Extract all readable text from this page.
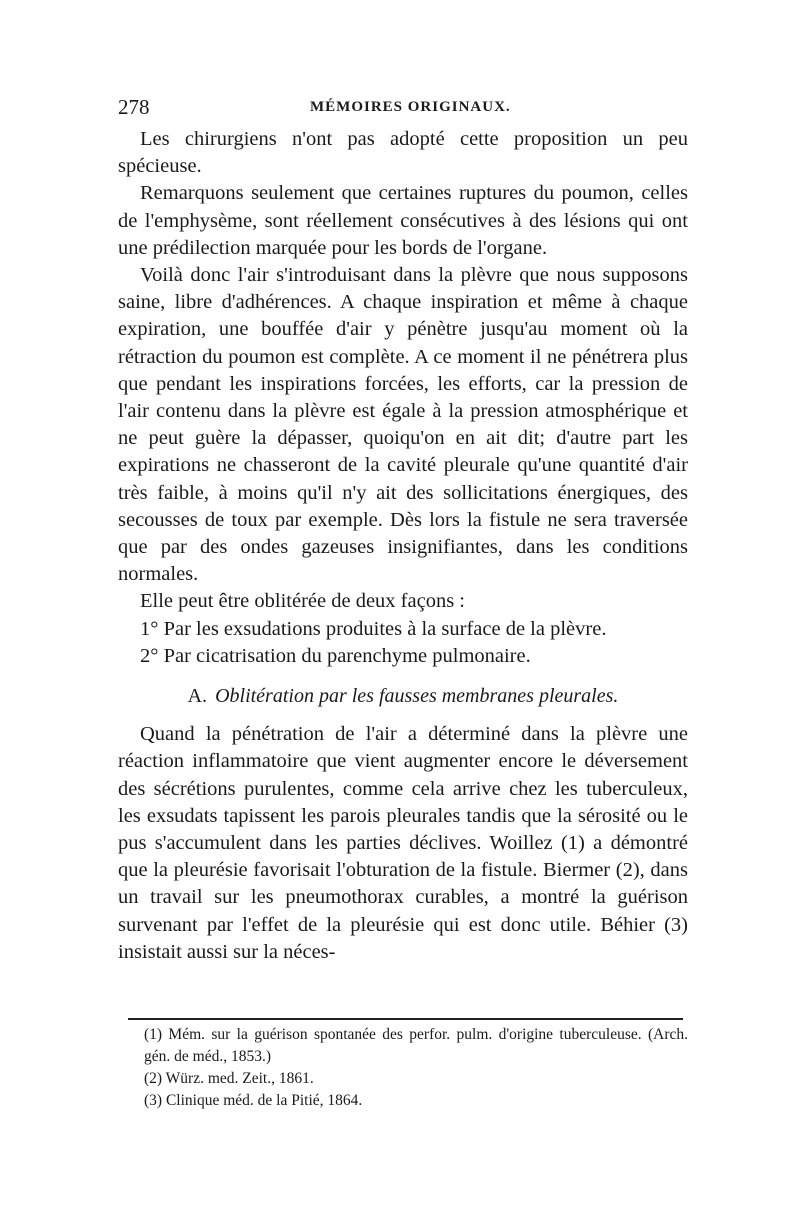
278	MÉMOIRES ORIGINAUX.

Les chirurgiens n'ont pas adopté cette proposition un peu spécieuse.

Remarquons seulement que certaines ruptures du poumon, celles de l'emphysème, sont réellement consécutives à des lésions qui ont une prédilection marquée pour les bords de l'organe.

Voilà donc l'air s'introduisant dans la plèvre que nous supposons saine, libre d'adhérences. A chaque inspiration et même à chaque expiration, une bouffée d'air y pénètre jusqu'au moment où la rétraction du poumon est complète. A ce moment il ne pénétrera plus que pendant les inspirations forcées, les efforts, car la pression de l'air contenu dans la plèvre est égale à la pression atmosphérique et ne peut guère la dépasser, quoiqu'on en ait dit; d'autre part les expirations ne chasseront de la cavité pleurale qu'une quantité d'air très faible, à moins qu'il n'y ait des sollicitations énergiques, des secousses de toux par exemple. Dès lors la fistule ne sera traversée que par des ondes gazeuses insignifiantes, dans les conditions normales.

Elle peut être oblitérée de deux façons :

1° Par les exsudations produites à la surface de la plèvre.

2° Par cicatrisation du parenchyme pulmonaire.

A. Oblitération par les fausses membranes pleurales.

Quand la pénétration de l'air a déterminé dans la plèvre une réaction inflammatoire que vient augmenter encore le déversement des sécrétions purulentes, comme cela arrive chez les tuberculeux, les exsudats tapissent les parois pleurales tandis que la sérosité ou le pus s'accumulent dans les parties déclives. Woillez (1) a démontré que la pleurésie favorisait l'obturation de la fistule. Biermer (2), dans un travail sur les pneumothorax curables, a montré la guérison survenant par l'effet de la pleurésie qui est donc utile. Béhier (3) insistait aussi sur la néces-

(1) Mém. sur la guérison spontanée des perfor. pulm. d'origine tuberculeuse. (Arch. gén. de méd., 1853.)

(2) Würz. med. Zeit., 1861.

(3) Clinique méd. de la Pitié, 1864.
